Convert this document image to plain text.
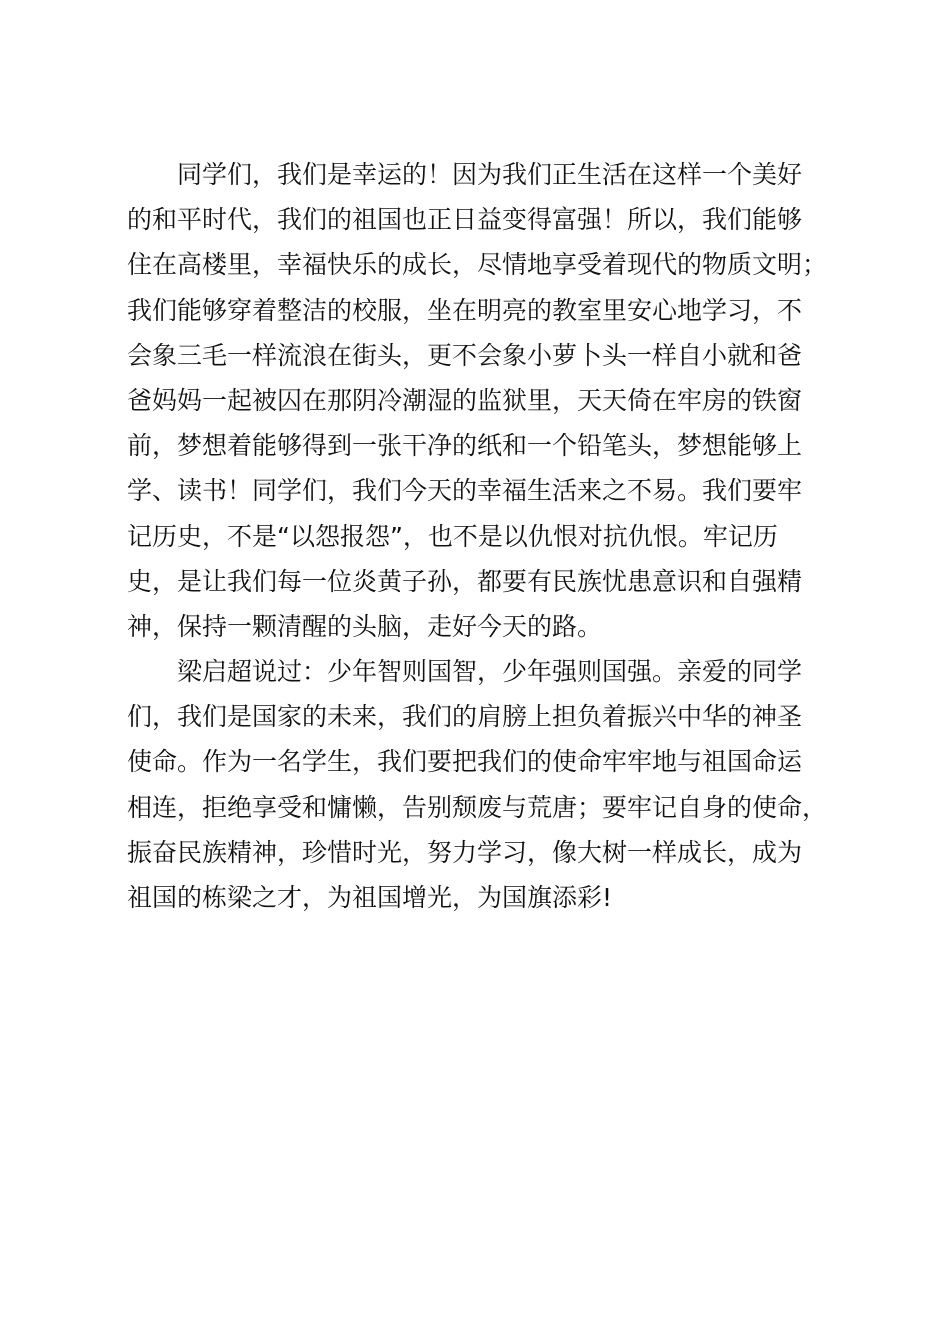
同学们，我们是幸运的！因为我们正生活在这样一个美好
的和平时代，我们的祖国也正日益变得富强！所以，我们能够
住在高楼里，幸福快乐的成长，尽情地享受着现代的物质文明；
我们能够穿着整洁的校服，坐在明亮的教室里安心地学习，不
会象三毛一样流浪在街头，更不会象小萝卜头一样自小就和爸
爸妈妈一起被囚在那阴冷潮湿的监狱里，天天倚在牢房的铁窗
前，梦想着能够得到一张干净的纸和一个铅笔头，梦想能够上
学、读书！同学们，我们今天的幸福生活来之不易。我们要牢
记历史，不是“以怨报怨”，也不是以仇恨对抗仇恨。牢记历
史，是让我们每一位炎黄子孙，都要有民族忧患意识和自强精
神，保持一颗清醒的头脑，走好今天的路。
梁启超说过：少年智则国智，少年强则国强。亲爱的同学
们，我们是国家的未来，我们的肩膀上担负着振兴中华的神圣
使命。作为一名学生，我们要把我们的使命牢牢地与祖国命运
相连，拒绝享受和慵懒，告别颓废与荒唐；要牢记自身的使命，
振奋民族精神，珍惜时光，努力学习，像大树一样成长，成为
祖国的栋梁之才，为祖国增光，为国旗添彩!
